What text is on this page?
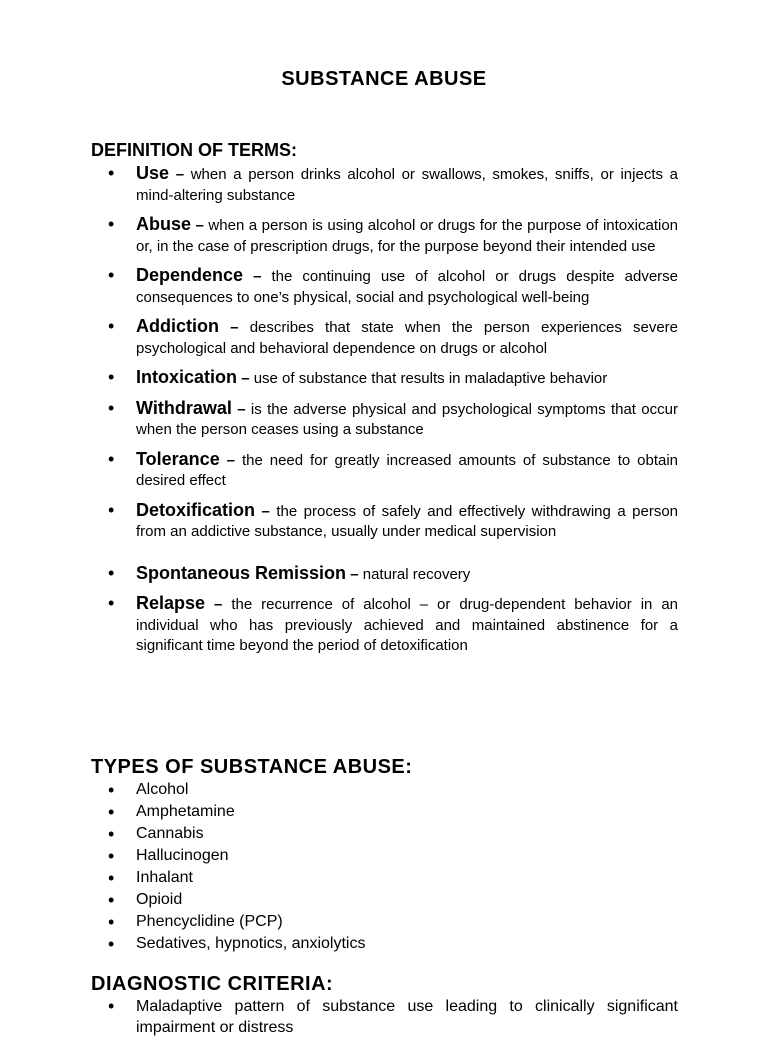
SUBSTANCE ABUSE
DEFINITION OF TERMS:
• Use – when a person drinks alcohol or swallows, smokes, sniffs, or injects a mind-altering substance
• Abuse – when a person is using alcohol or drugs for the purpose of intoxication or, in the case of prescription drugs, for the purpose beyond their intended use
• Dependence – the continuing use of alcohol or drugs despite adverse consequences to one’s physical, social and psychological well-being
• Addiction – describes that state when the person experiences severe psychological and behavioral dependence on drugs or alcohol
• Intoxication – use of substance that results in maladaptive behavior
• Withdrawal – is the adverse physical and psychological symptoms that occur when the person ceases using a substance
• Tolerance – the need for greatly increased amounts of substance to obtain desired effect
• Detoxification – the process of safely and effectively withdrawing a person from an addictive substance, usually under medical supervision
• Spontaneous Remission – natural recovery
• Relapse – the recurrence of alcohol – or drug-dependent behavior in an individual who has previously achieved and maintained abstinence for a significant time beyond the period of detoxification
TYPES OF SUBSTANCE ABUSE:
• Alcohol
• Amphetamine
• Cannabis
• Hallucinogen
• Inhalant
• Opioid
• Phencyclidine (PCP)
• Sedatives, hypnotics, anxiolytics
DIAGNOSTIC CRITERIA:
• Maladaptive pattern of substance use leading to clinically significant impairment or distress
